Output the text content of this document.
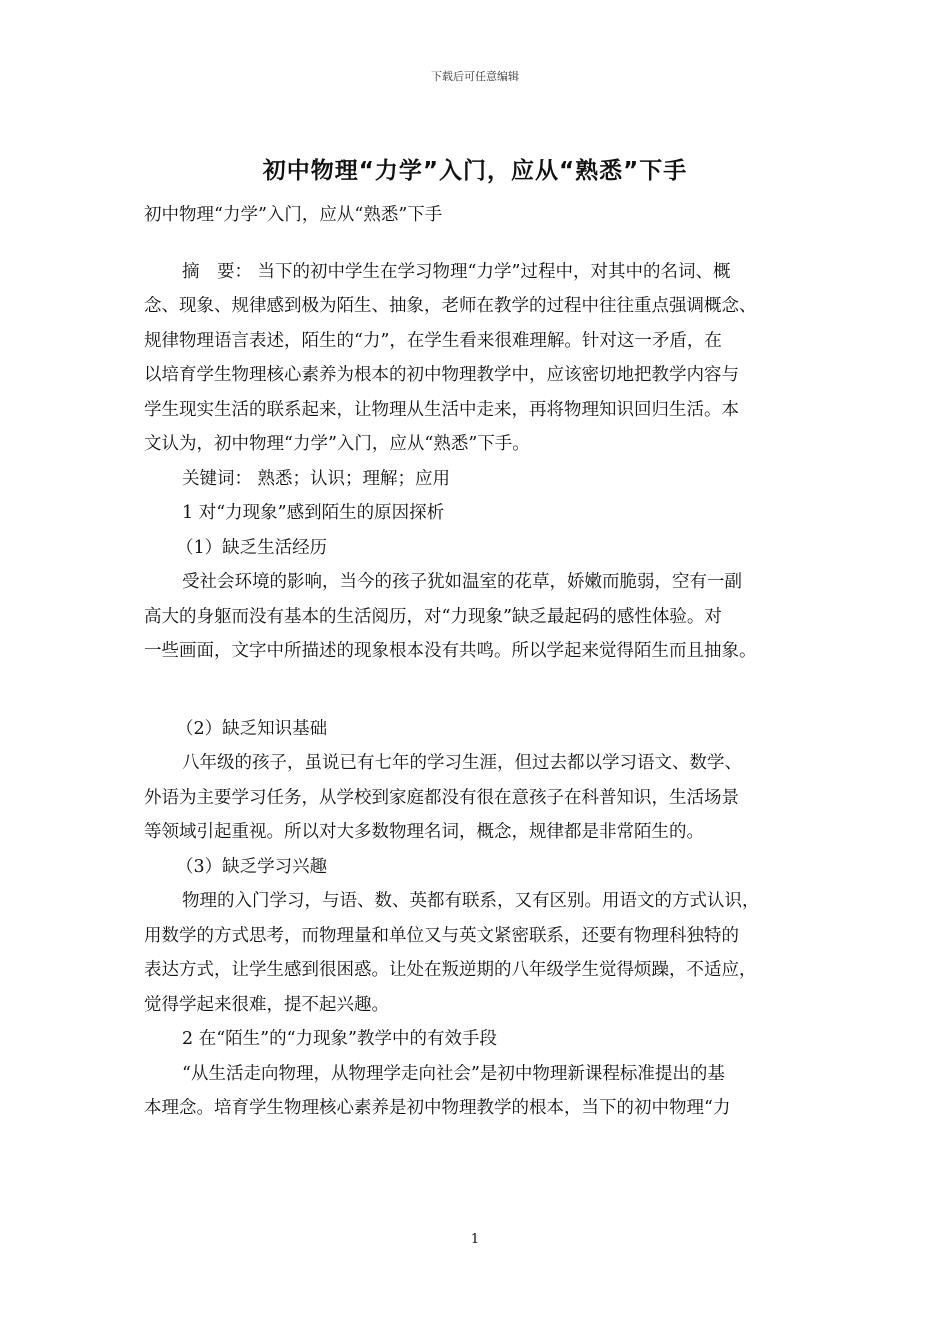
下载后可任意编辑
初中物理“力学”入门，应从“熟悉”下手
初中物理“力学”入门，应从“熟悉”下手
摘　要： 当下的初中学生在学习物理“力学”过程中，对其中的名词、概
念、现象、规律感到极为陌生、抽象，老师在教学的过程中往往重点强调概念、
规律物理语言表述，陌生的“力”，在学生看来很难理解。针对这一矛盾，在
以培育学生物理核心素养为根本的初中物理教学中，应该密切地把教学内容与
学生现实生活的联系起来，让物理从生活中走来，再将物理知识回归生活。本
文认为，初中物理“力学”入门，应从“熟悉”下手。
关键词： 熟悉；认识；理解；应用
1 对“力现象”感到陌生的原因探析
（1）缺乏生活经历
受社会环境的影响，当今的孩子犹如温室的花草，娇嫩而脆弱，空有一副
高大的身躯而没有基本的生活阅历，对“力现象”缺乏最起码的感性体验。对
一些画面，文字中所描述的现象根本没有共鸣。所以学起来觉得陌生而且抽象。
（2）缺乏知识基础
八年级的孩子，虽说已有七年的学习生涯，但过去都以学习语文、数学、
外语为主要学习任务，从学校到家庭都没有很在意孩子在科普知识，生活场景
等领域引起重视。所以对大多数物理名词，概念，规律都是非常陌生的。
（3）缺乏学习兴趣
物理的入门学习，与语、数、英都有联系，又有区别。用语文的方式认识，
用数学的方式思考，而物理量和单位又与英文紧密联系，还要有物理科独特的
表达方式，让学生感到很困惑。让处在叛逆期的八年级学生觉得烦躁，不适应，
觉得学起来很难，提不起兴趣。
2 在“陌生”的“力现象”教学中的有效手段
“从生活走向物理，从物理学走向社会”是初中物理新课程标准提出的基
本理念。培育学生物理核心素养是初中物理教学的根本，当下的初中物理“力
1
